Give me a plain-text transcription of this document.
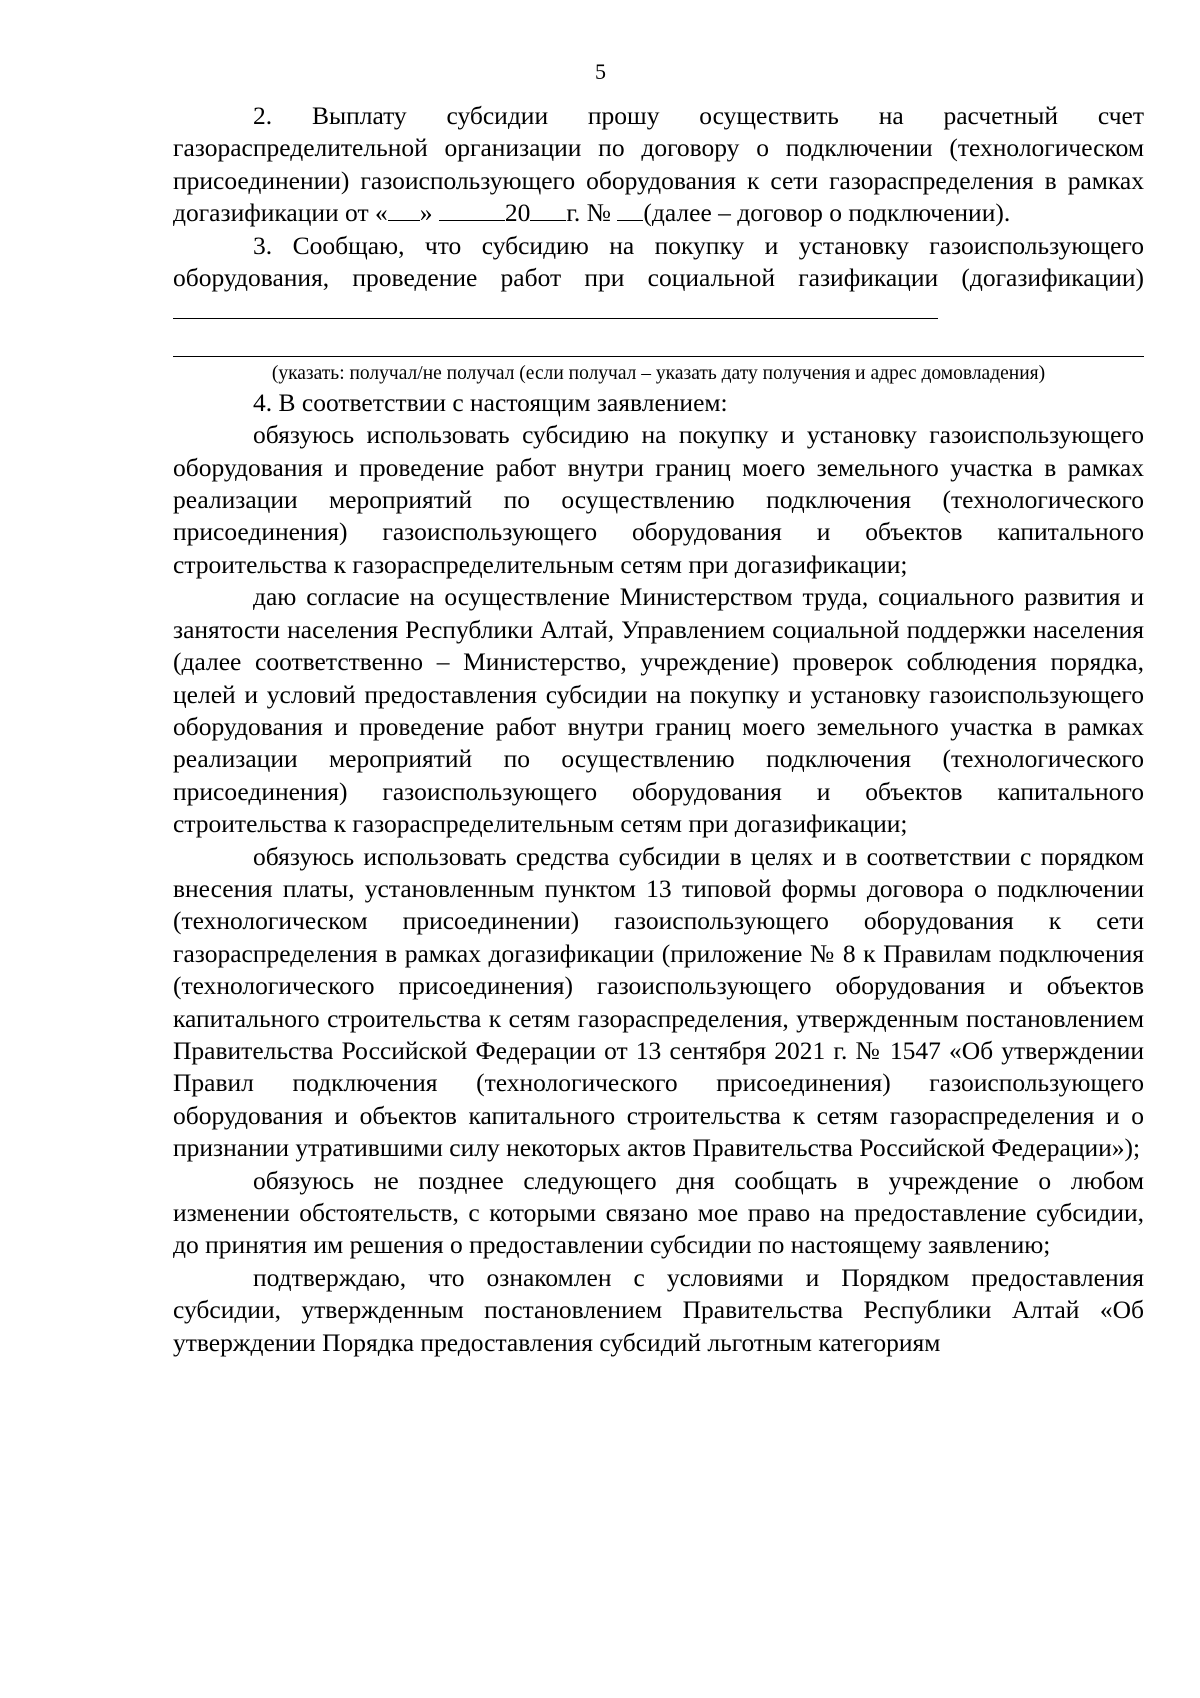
5

2. Выплату субсидии прошу осуществить на расчетный счет газораспределительной организации по договору о подключении (технологическом присоединении) газоиспользующего оборудования к сети газораспределения в рамках догазификации от « »	20 г. № (далее – договор о подключении).

3. Сообщаю, что субсидию на покупку и установку газоиспользующего оборудования, проведение работ при социальной газификации (догазификации)

(указать: получал/не получал (если получал – указать дату получения и адрес домовладения)

4. В соответствии с настоящим заявлением:

обязуюсь использовать субсидию на покупку и установку газоиспользующего оборудования и проведение работ внутри границ моего земельного участка в рамках реализации мероприятий по осуществлению подключения (технологического присоединения) газоиспользующего оборудования и объектов капитального строительства к газораспределительным сетям при догазификации;

даю согласие на осуществление Министерством труда, социального развития и занятости населения Республики Алтай, Управлением социальной поддержки населения (далее соответственно – Министерство, учреждение) проверок соблюдения порядка, целей и условий предоставления субсидии на покупку и установку газоиспользующего оборудования и проведение работ внутри границ моего земельного участка в рамках реализации мероприятий по осуществлению подключения (технологического присоединения) газоиспользующего оборудования и объектов капитального строительства к газораспределительным сетям при догазификации;

обязуюсь использовать средства субсидии в целях и в соответствии с порядком внесения платы, установленным пунктом 13 типовой формы договора о подключении (технологическом присоединении) газоиспользующего оборудования к сети газораспределения в рамках догазификации (приложение № 8 к Правилам подключения (технологического присоединения) газоиспользующего оборудования и объектов капитального строительства к сетям газораспределения, утвержденным постановлением Правительства Российской Федерации от 13 сентября 2021 г. № 1547 «Об утверждении Правил подключения (технологического присоединения) газоиспользующего оборудования и объектов капитального строительства к сетям газораспределения и о признании утратившими силу некоторых актов Правительства Российской Федерации»);

обязуюсь не позднее следующего дня сообщать в учреждение о любом изменении обстоятельств, с которыми связано мое право на предоставление субсидии, до принятия им решения о предоставлении субсидии по настоящему заявлению;

подтверждаю, что ознакомлен с условиями и Порядком предоставления субсидии, утвержденным постановлением Правительства Республики Алтай «Об утверждении Порядка предоставления субсидий льготным категориям
